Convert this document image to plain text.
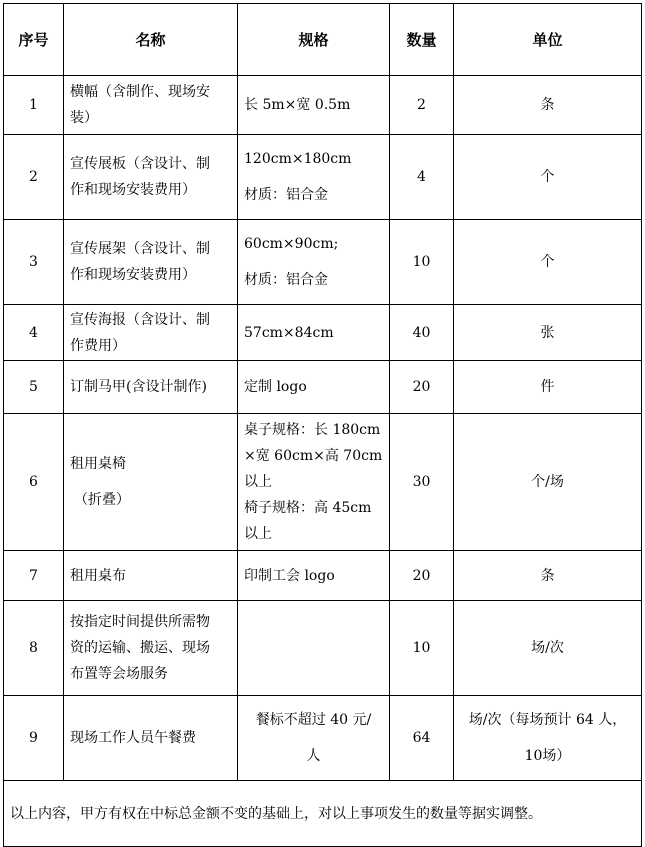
序号	名称	规格	数量	单位
1	横幅（含制作、现场安
装）	长 5m×宽 0.5m	2	条

2	宣传展板（含设计、制
作和现场安装费用）	120cm×180cm
材质：铝合金	4	个

3	宣传展架（含设计、制
作和现场安装费用）	60cm×90cm;
材质：铝合金	10	个

4	宣传海报（含设计、制
作费用）	57cm×84cm	40	张

5	订制马甲(含设计制作)	定制 logo	20	件

6	租用桌椅
（折叠）	桌子规格：长 180cm
×宽 60cm×高 70cm
以上
椅子规格：高 45cm
以上	30	个/场

7	租用桌布	印制工会 logo	20	条

8	按指定时间提供所需物
资的运输、搬运、现场
布置等会场服务		10	场/次

9	现场工作人员午餐费	餐标不超过 40 元/
人	64	场/次（每场预计 64 人，
10场）

以上内容，甲方有权在中标总金额不变的基础上，对以上事项发生的数量等据实调整。				
